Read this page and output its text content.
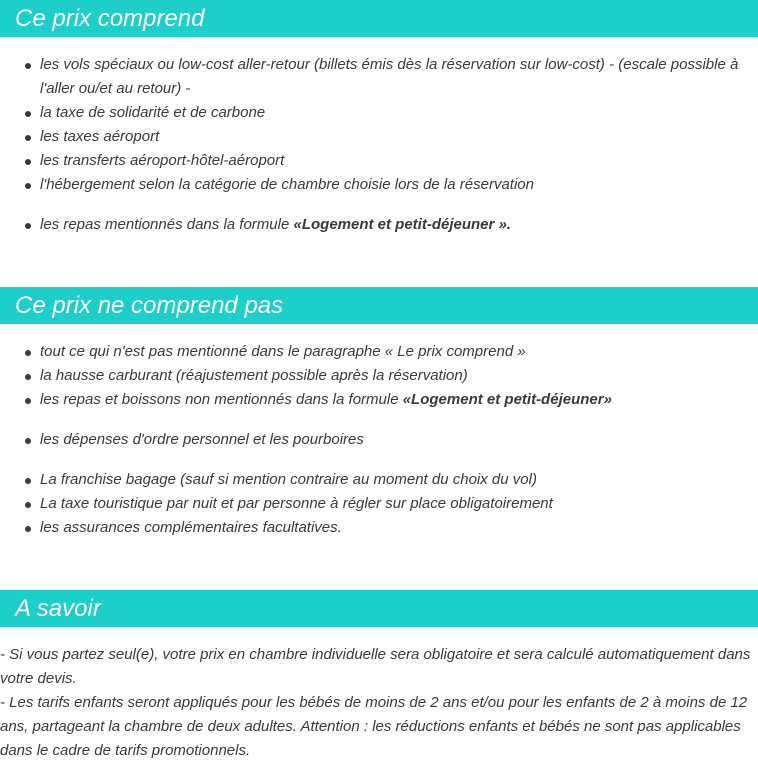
Ce prix comprend
les vols spéciaux ou low-cost aller-retour (billets émis dès la réservation sur low-cost) - (escale possible à l'aller ou/et au retour) -
la taxe de solidarité et de carbone
les taxes aéroport
les transferts aéroport-hôtel-aéroport
l'hébergement selon la catégorie de chambre choisie lors de la réservation
les repas mentionnés dans la formule «Logement et petit-déjeuner ».
Ce prix ne comprend pas
tout ce qui n'est pas mentionné dans le paragraphe « Le prix comprend »
la hausse carburant (réajustement possible après la réservation)
les repas et boissons non mentionnés dans la formule «Logement et petit-déjeuner»
les dépenses d'ordre personnel et les pourboires
La franchise bagage (sauf si mention contraire au moment du choix du vol)
La taxe touristique par nuit et par personne à régler sur place obligatoirement
les assurances complémentaires facultatives.
A savoir
- Si vous partez seul(e), votre prix en chambre individuelle sera obligatoire et sera calculé automatiquement dans votre devis.
- Les tarifs enfants seront appliqués pour les bébés de moins de 2 ans et/ou pour les enfants de 2 à moins de 12 ans, partageant la chambre de deux adultes. Attention : les réductions enfants et bébés ne sont pas applicables dans le cadre de tarifs promotionnels.
